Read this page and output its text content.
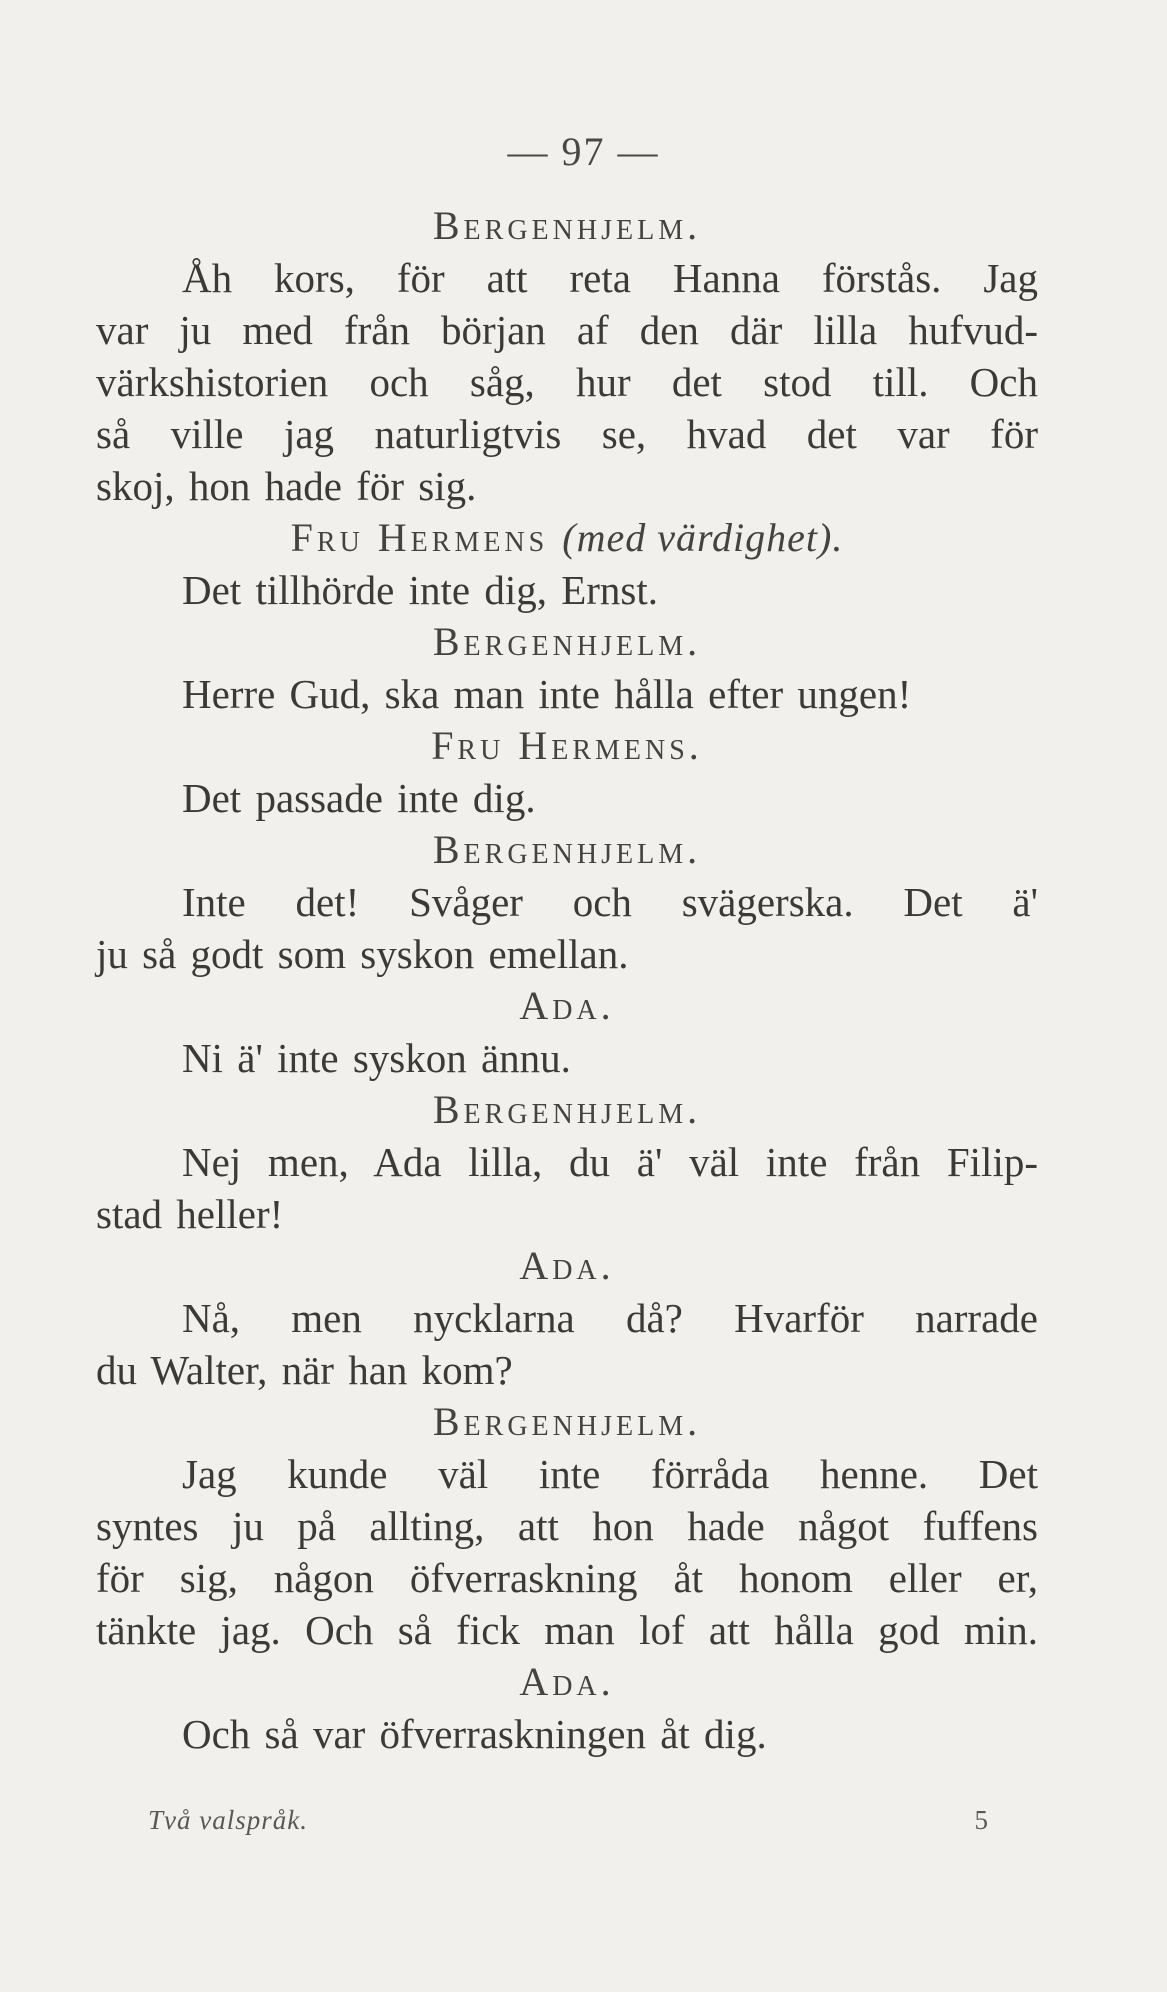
— 97 —
Bergenhjelm.
Åh kors, för att reta Hanna förstås. Jag
var ju med från början af den där lilla hufvud-
värkshistorien och såg, hur det stod till. Och
så ville jag naturligtvis se, hvad det var för
skoj, hon hade för sig.
Fru Hermens (med värdighet).
Det tillhörde inte dig, Ernst.
Bergenhjelm.
Herre Gud, ska man inte hålla efter ungen!
Fru Hermens.
Det passade inte dig.
Bergenhjelm.
Inte det! Svåger och svägerska. Det ä'
ju så godt som syskon emellan.
Ada.
Ni ä' inte syskon ännu.
Bergenhjelm.
Nej men, Ada lilla, du ä' väl inte från Filip-
stad heller!
Ada.
Nå, men nycklarna då? Hvarför narrade
du Walter, när han kom?
Bergenhjelm.
Jag kunde väl inte förråda henne. Det
syntes ju på allting, att hon hade något fuffens
för sig, någon öfverraskning åt honom eller er,
tänkte jag. Och så fick man lof att hålla god min.
Ada.
Och så var öfverraskningen åt dig.
Två valspråk.	5
